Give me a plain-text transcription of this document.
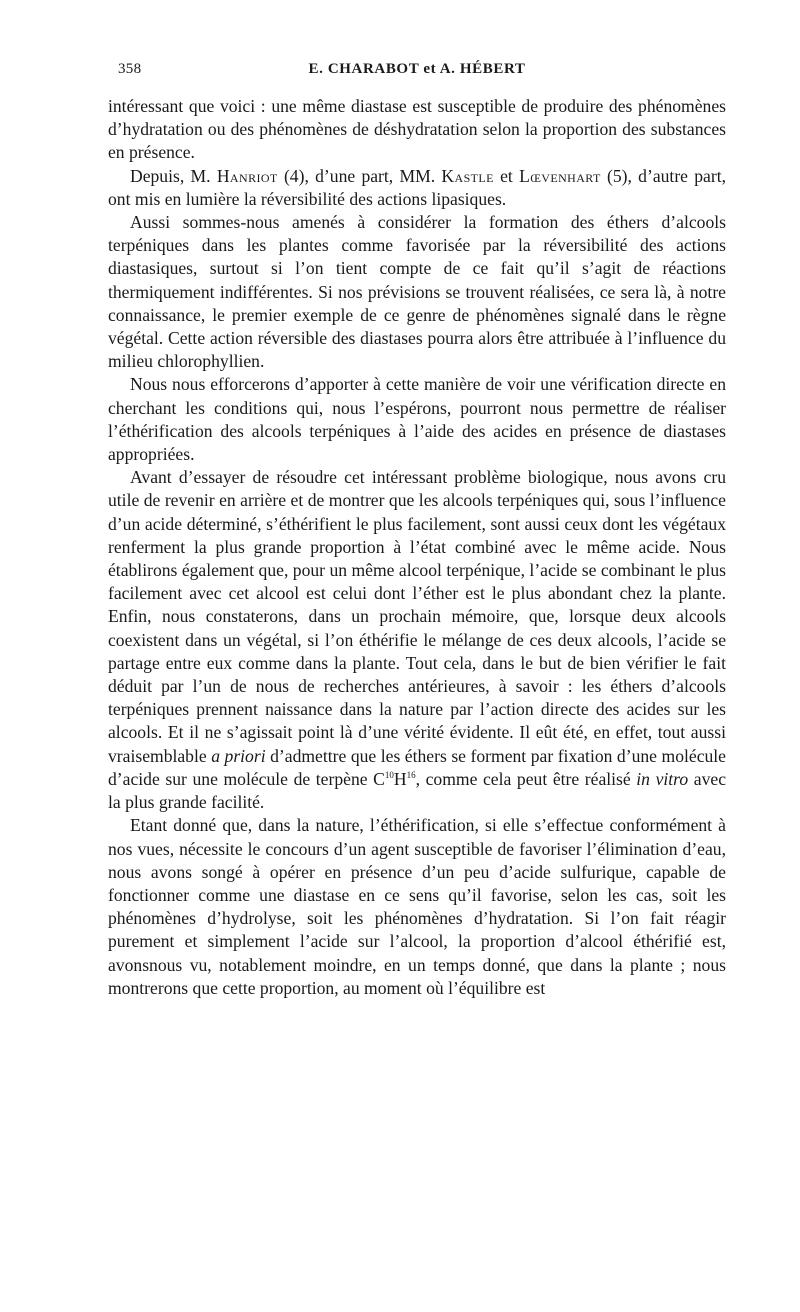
358	E. CHARABOT et A. HÉBERT

intéressant que voici : une même diastase est susceptible de produire des phénomènes d’hydratation ou des phénomènes de déshydratation selon la proportion des substances en présence.

Depuis, M. Hanriot (4), d’une part, MM. Kastle et Lœvenhart (5), d’autre part, ont mis en lumière la réversibilité des actions lipasiques.

Aussi sommes-nous amenés à considérer la formation des éthers d’alcools terpéniques dans les plantes comme favorisée par la réversibilité des actions diastasiques, surtout si l’on tient compte de ce fait qu’il s’agit de réactions thermiquement indifférentes. Si nos prévisions se trouvent réalisées, ce sera là, à notre connaissance, le premier exemple de ce genre de phénomènes signalé dans le règne végétal. Cette action réversible des diastases pourra alors être attribuée à l’influence du milieu chlorophyllien.

Nous nous efforcerons d’apporter à cette manière de voir une vérification directe en cherchant les conditions qui, nous l’espérons, pourront nous permettre de réaliser l’éthérification des alcools terpéniques à l’aide des acides en présence de diastases appropriées.

Avant d’essayer de résoudre cet intéressant problème biologique, nous avons cru utile de revenir en arrière et de montrer que les alcools terpéniques qui, sous l’influence d’un acide déterminé, s’éthérifient le plus facilement, sont aussi ceux dont les végétaux renferment la plus grande proportion à l’état combiné avec le même acide. Nous établirons également que, pour un même alcool terpénique, l’acide se combinant le plus facilement avec cet alcool est celui dont l’éther est le plus abondant chez la plante. Enfin, nous constaterons, dans un prochain mémoire, que, lorsque deux alcools coexistent dans un végétal, si l’on éthérifie le mélange de ces deux alcools, l’acide se partage entre eux comme dans la plante. Tout cela, dans le but de bien vérifier le fait déduit par l’un de nous de recherches antérieures, à savoir : les éthers d’alcools terpéniques prennent naissance dans la nature par l’action directe des acides sur les alcools. Et il ne s’agissait point là d’une vérité évidente. Il eût été, en effet, tout aussi vraisemblable a priori d’admettre que les éthers se forment par fixation d’une molécule d’acide sur une molécule de terpène $C^{10}H^{16}$, comme cela peut être réalisé in vitro avec la plus grande facilité.

Etant donné que, dans la nature, l’éthérification, si elle s’effectue conformément à nos vues, nécessite le concours d’un agent susceptible de favoriser l’élimination d’eau, nous avons songé à opérer en présence d’un peu d’acide sulfurique, capable de fonctionner comme une diastase en ce sens qu’il favorise, selon les cas, soit les phénomènes d’hydrolyse, soit les phénomènes d’hydratation. Si l’on fait réagir purement et simplement l’acide sur l’alcool, la proportion d’alcool éthérifié est, avonsnous vu, notablement moindre, en un temps donné, que dans la plante ; nous montrerons que cette proportion, au moment où l’équilibre est
